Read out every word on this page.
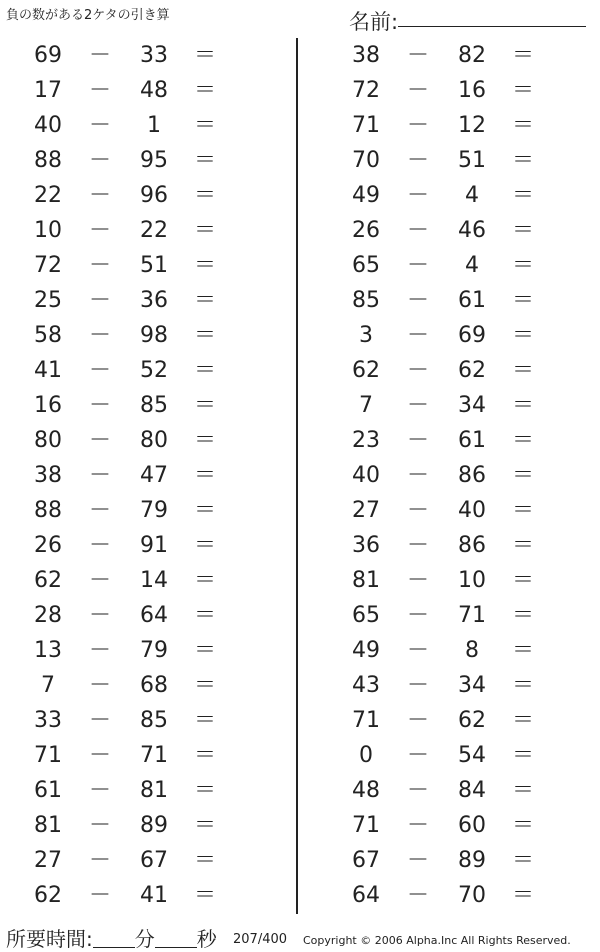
負の数がある2ケタの引き算	名前:
69	－	33	＝
17	－	48	＝
40	－	1	＝
88	－	95	＝
22	－	96	＝
10	－	22	＝
72	－	51	＝
25	－	36	＝
58	－	98	＝
41	－	52	＝
16	－	85	＝
80	－	80	＝
38	－	47	＝
88	－	79	＝
26	－	91	＝
62	－	14	＝
28	－	64	＝
13	－	79	＝
7	－	68	＝
33	－	85	＝
71	－	71	＝
61	－	81	＝
81	－	89	＝
27	－	67	＝
62	－	41	＝
38	－	82	＝
72	－	16	＝
71	－	12	＝
70	－	51	＝
49	－	4	＝
26	－	46	＝
65	－	4	＝
85	－	61	＝
3	－	69	＝
62	－	62	＝
7	－	34	＝
23	－	61	＝
40	－	86	＝
27	－	40	＝
36	－	86	＝
81	－	10	＝
65	－	71	＝
49	－	8	＝
43	－	34	＝
71	－	62	＝
0	－	54	＝
48	－	84	＝
71	－	60	＝
67	－	89	＝
64	－	70	＝
所要時間: 分 秒 207/400 Copyright © 2006 Alpha.Inc All Rights Reserved.
